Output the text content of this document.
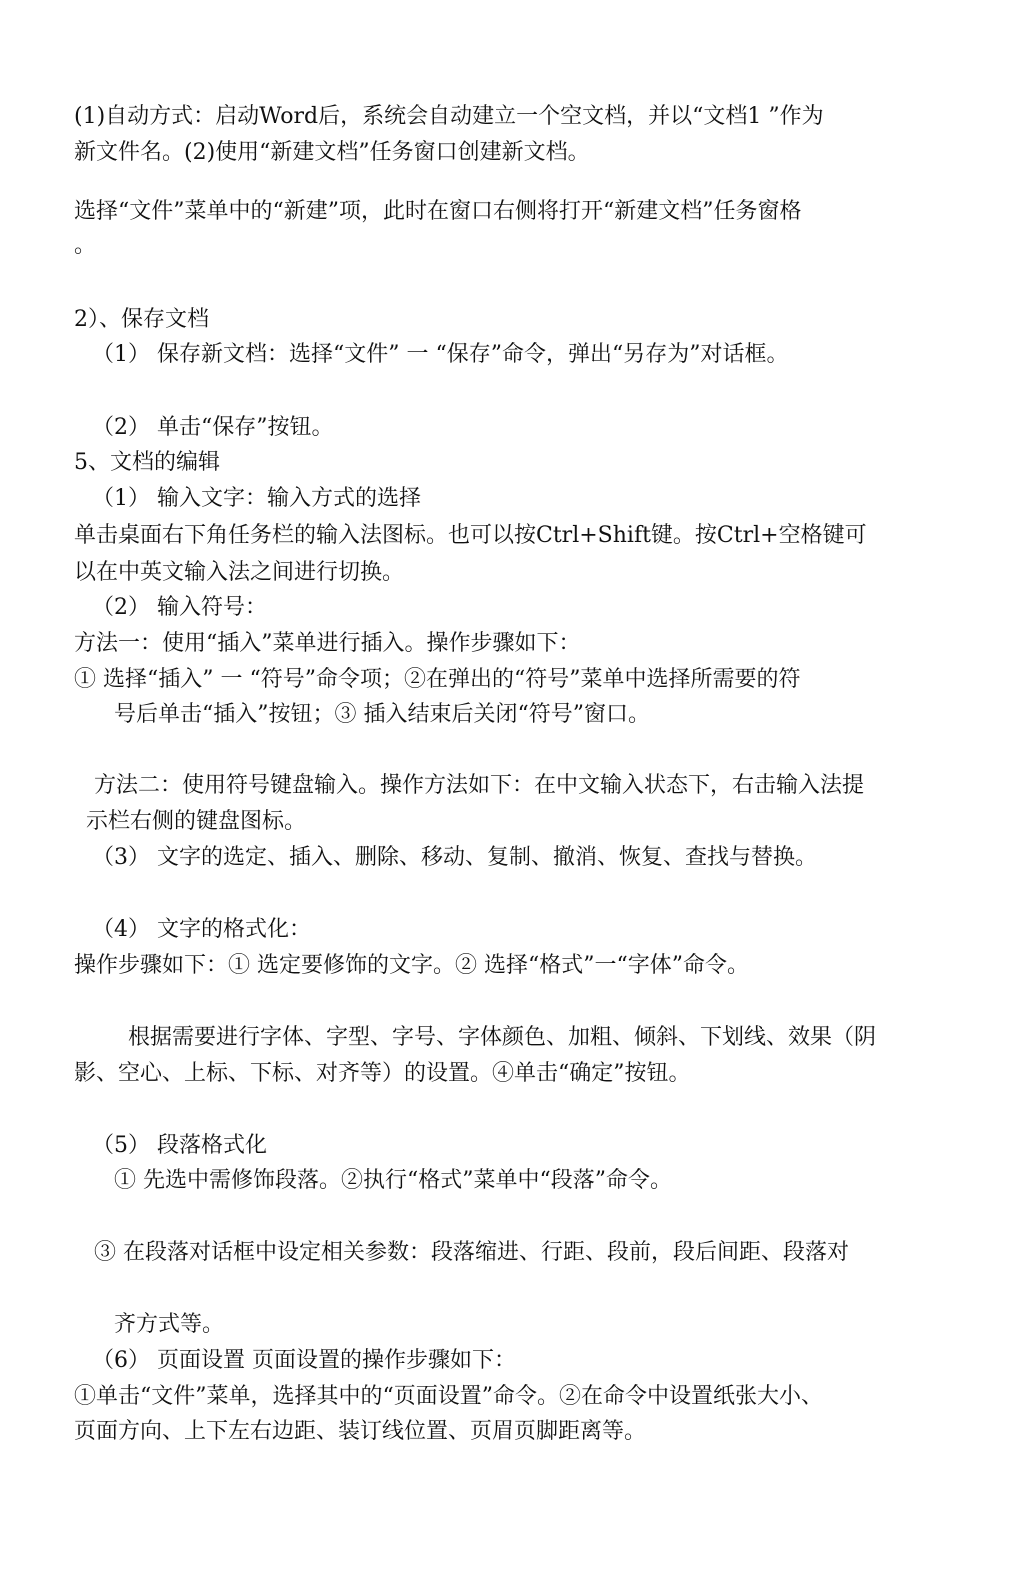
(1)自动方式：启动Word后，系统会自动建立一个空文档，并以“文档1 ”作为

新文件名。(2)使用“新建文档”任务窗口创建新文档。

选择“文件”菜单中的“新建”项，此时在窗口右侧将打开“新建文档”任务窗格

。

2）、保存文档

（1） 保存新文档：选择“文件” 一 “保存”命令，弹出“另存为”对话框。

（2） 单击“保存”按钮。

5、文档的编辑

（1） 输入文字：输入方式的选择

单击桌面右下角任务栏的输入法图标。也可以按Ctrl+Shift键。按Ctrl+空格键可

以在中英文输入法之间进行切换。

（2） 输入符号：

方法一：使用“插入”菜单进行插入。操作步骤如下：

① 选择“插入” 一 “符号”命令项；②在弹出的“符号”菜单中选择所需要的符

号后单击“插入”按钮；③ 插入结束后关闭“符号”窗口。

方法二：使用符号键盘输入。操作方法如下：在中文输入状态下，右击输入法提

示栏右侧的键盘图标。

（3） 文字的选定、插入、删除、移动、复制、撤消、恢复、查找与替换。

（4） 文字的格式化：

操作步骤如下：① 选定要修饰的文字。② 选择“格式”一“字体”命令。

根据需要进行字体、字型、字号、字体颜色、加粗、倾斜、下划线、效果（阴

影、空心、上标、下标、对齐等）的设置。④单击“确定”按钮。

（5） 段落格式化

① 先选中需修饰段落。②执行“格式”菜单中“段落”命令。

③ 在段落对话框中设定相关参数：段落缩进、行距、段前，段后间距、段落对

齐方式等。

（6） 页面设置 页面设置的操作步骤如下：

①单击“文件”菜单，选择其中的“页面设置”命令。②在命令中设置纸张大小、

页面方向、上下左右边距、装订线位置、页眉页脚距离等。
